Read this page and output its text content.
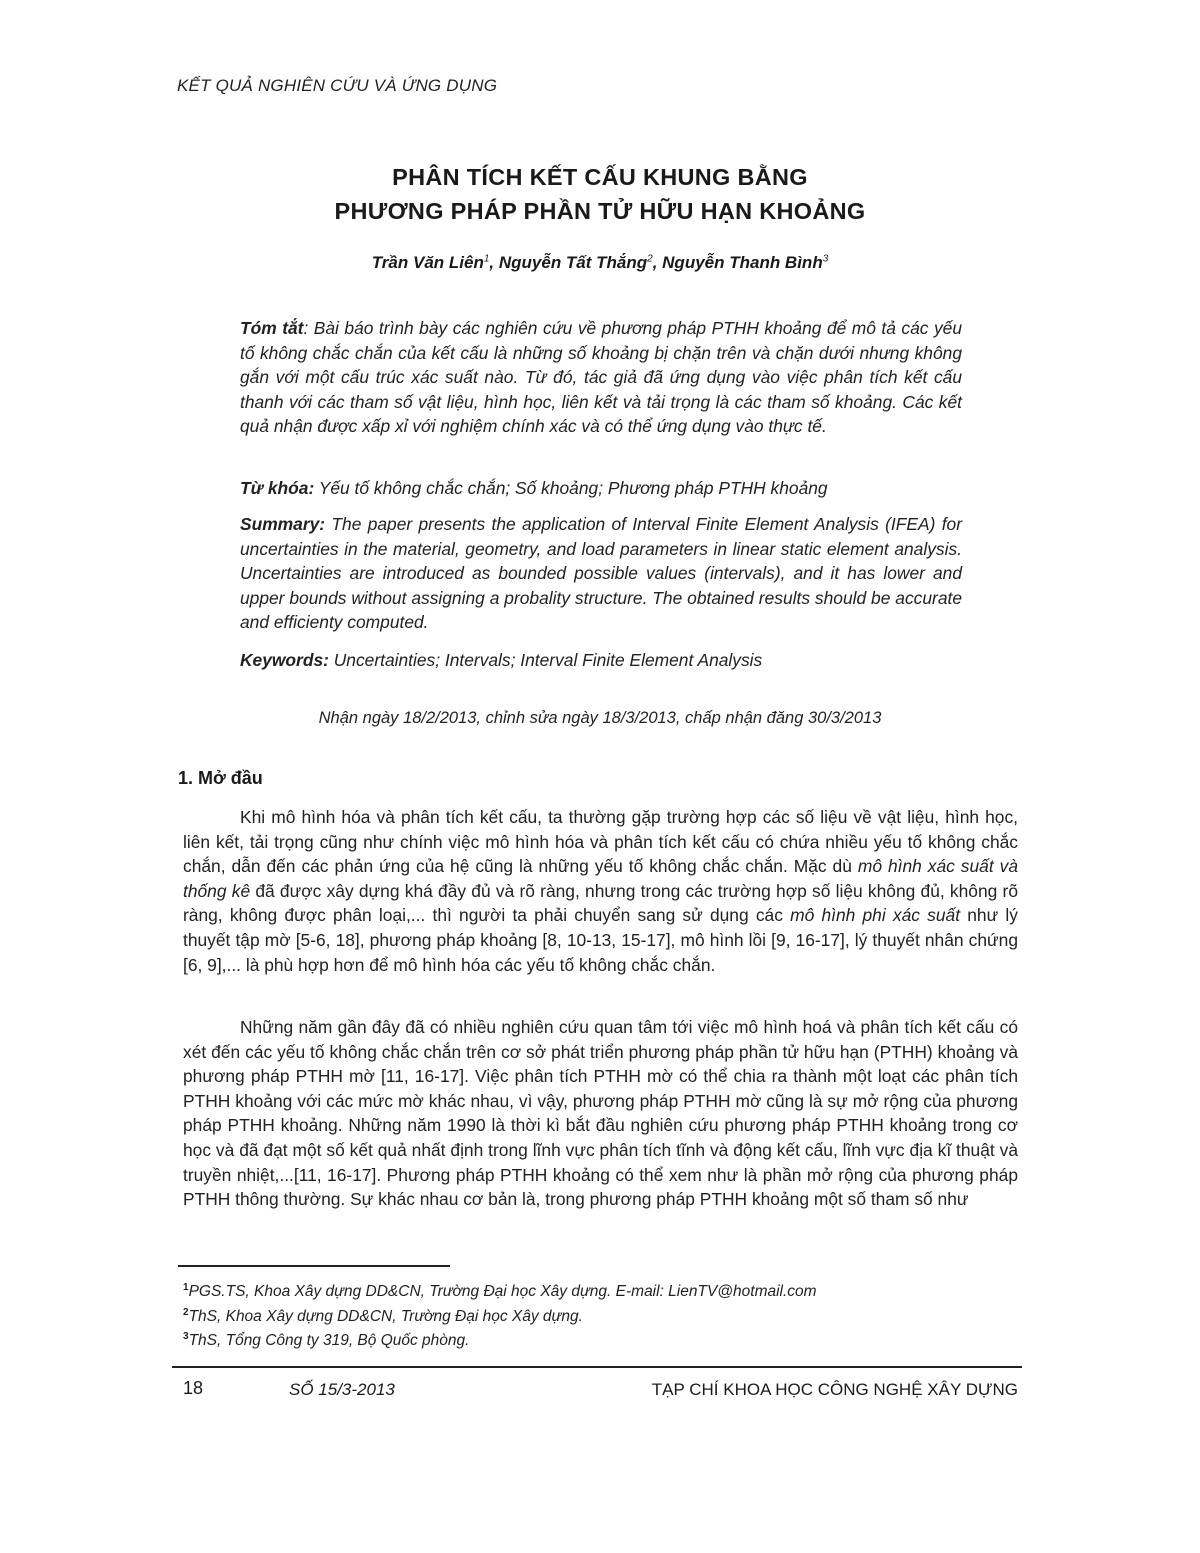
KẾT QUẢ NGHIÊN CỨU VÀ ỨNG DỤNG
PHÂN TÍCH KẾT CẤU KHUNG BẰNG
PHƯƠNG PHÁP PHẦN TỬ HỮU HẠN KHOẢNG
Trần Văn Liên$^1$, Nguyễn Tất Thắng$^2$, Nguyễn Thanh Bình$^3$
Tóm tắt: Bài báo trình bày các nghiên cứu về phương pháp PTHH khoảng để mô tả các yếu tố không chắc chắn của kết cấu là những số khoảng bị chặn trên và chặn dưới nhưng không gắn với một cấu trúc xác suất nào. Từ đó, tác giả đã ứng dụng vào việc phân tích kết cấu thanh với các tham số vật liệu, hình học, liên kết và tải trọng là các tham số khoảng. Các kết quả nhận được xấp xỉ với nghiệm chính xác và có thể ứng dụng vào thực tế.
Từ khóa: Yếu tố không chắc chắn; Số khoảng; Phương pháp PTHH khoảng
Summary: The paper presents the application of Interval Finite Element Analysis (IFEA) for uncertainties in the material, geometry, and load parameters in linear static element analysis. Uncertainties are introduced as bounded possible values (intervals), and it has lower and upper bounds without assigning a probality structure. The obtained results should be accurate and efficienty computed.
Keywords: Uncertainties; Intervals; Interval Finite Element Analysis
Nhận ngày 18/2/2013, chỉnh sửa ngày 18/3/2013, chấp nhận đăng 30/3/2013
1. Mở đầu
Khi mô hình hóa và phân tích kết cấu, ta thường gặp trường hợp các số liệu về vật liệu, hình học, liên kết, tải trọng cũng như chính việc mô hình hóa và phân tích kết cấu có chứa nhiều yếu tố không chắc chắn, dẫn đến các phản ứng của hệ cũng là những yếu tố không chắc chắn. Mặc dù mô hình xác suất và thống kê đã được xây dựng khá đầy đủ và rõ ràng, nhưng trong các trường hợp số liệu không đủ, không rõ ràng, không được phân loại,... thì người ta phải chuyển sang sử dụng các mô hình phi xác suất như lý thuyết tập mờ [5-6, 18], phương pháp khoảng [8, 10-13, 15-17], mô hình lồi [9, 16-17], lý thuyết nhân chứng [6, 9],... là phù hợp hơn để mô hình hóa các yếu tố không chắc chắn.
Những năm gần đây đã có nhiều nghiên cứu quan tâm tới việc mô hình hoá và phân tích kết cấu có xét đến các yếu tố không chắc chắn trên cơ sở phát triển phương pháp phần tử hữu hạn (PTHH) khoảng và phương pháp PTHH mờ [11, 16-17]. Việc phân tích PTHH mờ có thể chia ra thành một loạt các phân tích PTHH khoảng với các mức mờ khác nhau, vì vậy, phương pháp PTHH mờ cũng là sự mở rộng của phương pháp PTHH khoảng. Những năm 1990 là thời kì bắt đầu nghiên cứu phương pháp PTHH khoảng trong cơ học và đã đạt một số kết quả nhất định trong lĩnh vực phân tích tĩnh và động kết cấu, lĩnh vực địa kĩ thuật và truyền nhiệt,...[11, 16-17]. Phương pháp PTHH khoảng có thể xem như là phần mở rộng của phương pháp PTHH thông thường. Sự khác nhau cơ bản là, trong phương pháp PTHH khoảng một số tham số như
$^1$PGS.TS, Khoa Xây dựng DD&CN, Trường Đại học Xây dựng. E-mail: LienTV@hotmail.com
$^2$ThS, Khoa Xây dựng DD&CN, Trường Đại học Xây dựng.
$^3$ThS, Tổng Công ty 319, Bộ Quốc phòng.
18	SỐ 15/3-2013	TẠP CHÍ KHOA HỌC CÔNG NGHỆ XÂY DỰNG
